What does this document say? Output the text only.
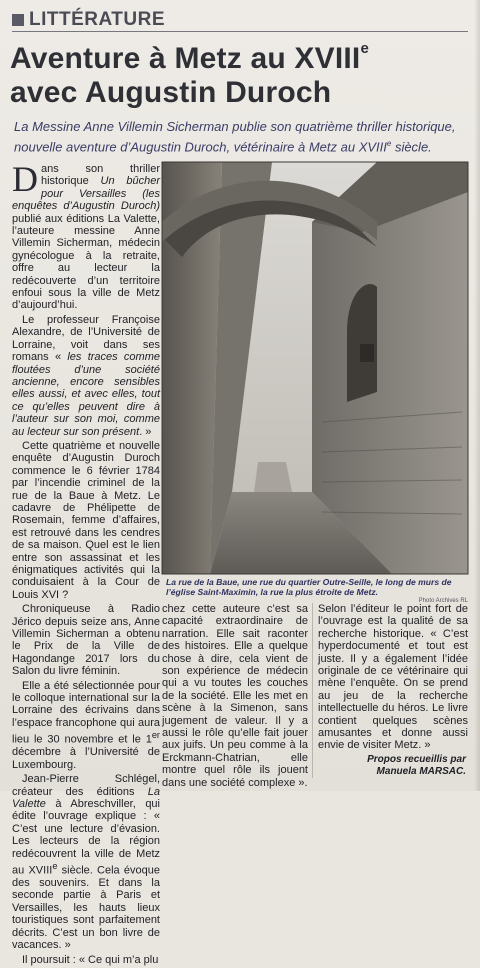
LITTÉRATURE
Aventure à Metz au XVIIIe
avec Augustin Duroch
La Messine Anne Villemin Sicherman publie son quatrième thriller historique, nouvelle aventure d’Augustin Duroch, vétérinaire à Metz au XVIIIe siècle.

Dans son thriller historique Un bûcher pour Versailles (les enquêtes d’Augustin Duroch) publié aux éditions La Valette, l’auteure messine Anne Villemin Sicherman, médecin gynécologue à la retraite, offre au lecteur la redécouverte d’un territoire enfoui sous la ville de Metz d’aujourd’hui.

Le professeur Françoise Alexandre, de l’Université de Lorraine, voit dans ses romans « les traces comme floutées d’une société ancienne, encore sensibles elles aussi, et avec elles, tout ce qu’elles peuvent dire à l’auteur sur son moi, comme au lecteur sur son présent. »

Cette quatrième et nouvelle enquête d’Augustin Duroch commence le 6 février 1784 par l’incendie criminel de la rue de la Baue à Metz. Le cadavre de Phélipette de Rosemain, femme d’affaires, est retrouvé dans les cendres de sa maison. Quel est le lien entre son assassinat et les énigmatiques activités qui la conduisaient à la Cour de Louis XVI ?

Chroniqueuse à Radio Jérico depuis seize ans, Anne Villemin Sicherman a obtenu le Prix de la Ville de Hagondange 2017 lors du Salon du livre féminin.

Elle a été sélectionnée pour le colloque international sur la Lorraine des écrivains dans l’espace francophone qui aura lieu le 30 novembre et le 1er décembre à l’Université de Luxembourg.

Jean-Pierre Schlégel, créateur des éditions La Valette à Abreschviller, qui édite l’ouvrage explique : « C’est une lecture d’évasion. Les lecteurs de la région redécouvrent la ville de Metz au XVIIIe siècle. Cela évoque des souvenirs. Et dans la seconde partie à Paris et Versailles, les hauts lieux touristiques sont parfaitement décrits. C’est un bon livre de vacances. »

Il poursuit : « Ce qui m’a plu

La rue de la Baue, une rue du quartier Outre-Seille, le long de murs de l’église Saint-Maximin, la rue la plus étroite de Metz.
Photo Archives RL

chez cette auteure c’est sa capacité extraordinaire de narration. Elle sait raconter des histoires. Elle a quelque chose à dire, cela vient de son expérience de médecin qui a vu toutes les couches de la société. Elle les met en scène à la Simenon, sans jugement de valeur. Il y a aussi le rôle qu’elle fait jouer aux juifs. Un peu comme à la Erckmann-Chatrian, elle montre quel rôle ils jouent dans une société complexe ».

Selon l’éditeur le point fort de l’ouvrage est la qualité de sa recherche historique. « C’est hyperdocumenté et tout est juste. Il y a également l’idée originale de ce vétérinaire qui mène l’enquête. On se prend au jeu de la recherche intellectuelle du héros. Le livre contient quelques scènes amusantes et donne aussi envie de visiter Metz. »

Propos recueillis par
Manuela MARSAC.
